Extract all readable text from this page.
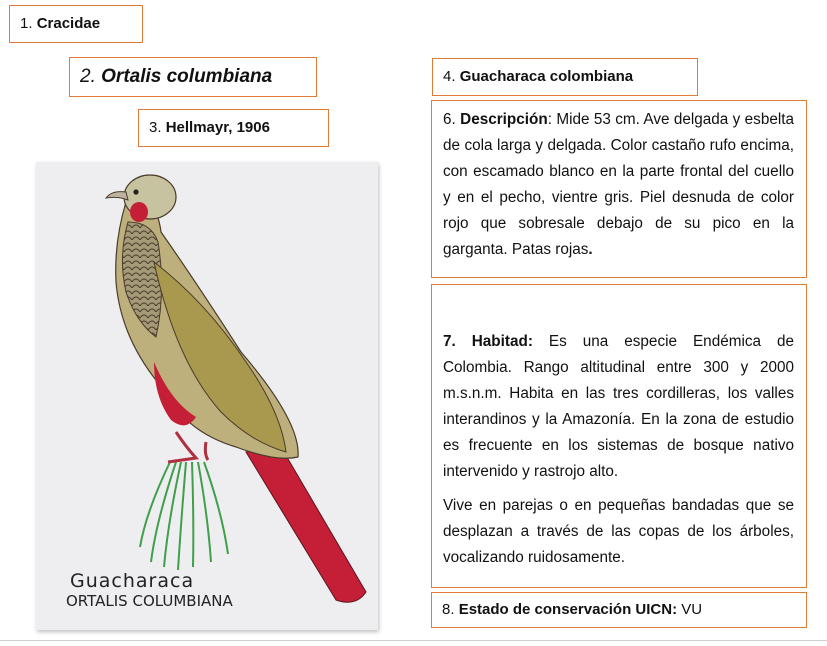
1.
Cracidae
2.
Ortalis columbiana
3.
Hellmayr, 1906
4.
Guacharaca colombiana

6. Descripción: Mide 53 cm. Ave delgada y esbelta de cola larga y delgada. Color castaño rufo encima, con escamado blanco en la parte frontal del cuello y en el pecho, vientre gris. Piel desnuda de color rojo que sobresale debajo de su pico en la garganta. Patas rojas.

7. Habitad: Es una especie Endémica de Colombia. Rango altitudinal entre 300 y 2000 m.s.n.m. Habita en las tres cordilleras, los valles interandinos y la Amazonía. En la zona de estudio es frecuente en los sistemas de bosque nativo intervenido y rastrojo alto.

Vive en parejas o en pequeñas bandadas que se desplazan a través de las copas de los árboles, vocalizando ruidosamente.

8.
Estado de conservación UICN:
VU
Guacharaca
ORTALIS COLUMBIANA
